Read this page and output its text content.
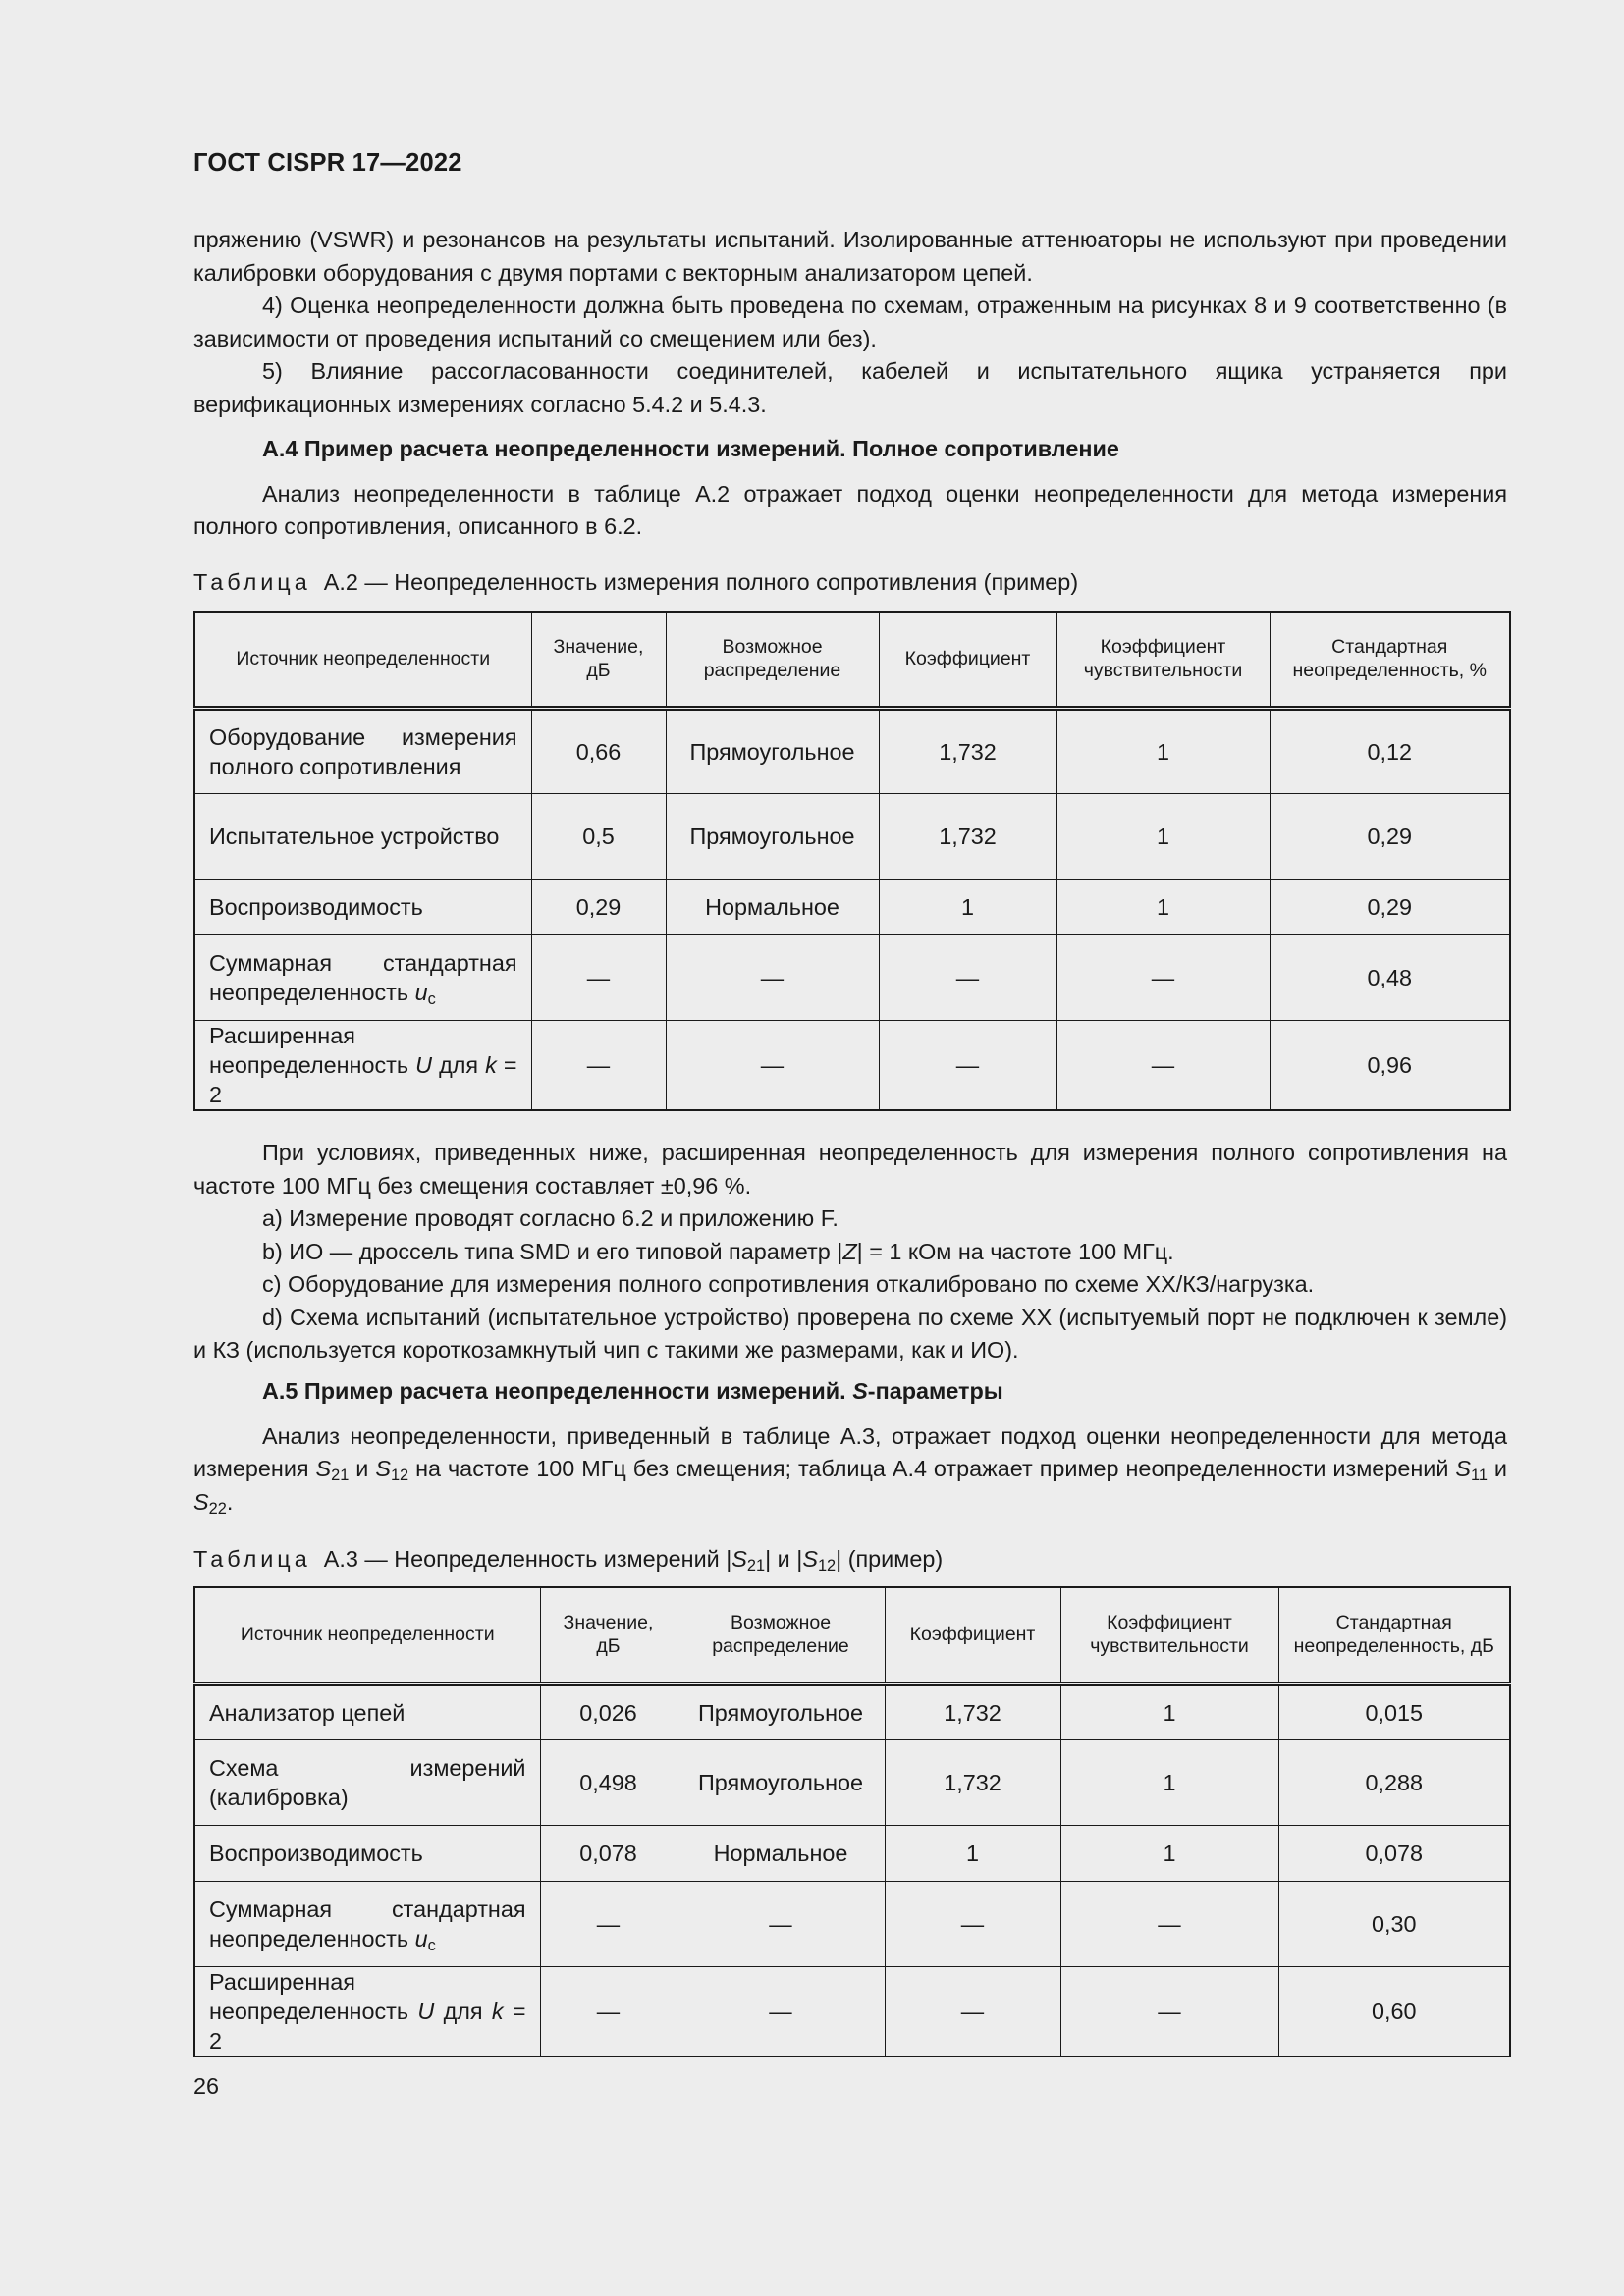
ГОСТ CISPR 17—2022

пряжению (VSWR) и резонансов на результаты испытаний. Изолированные аттенюаторы не используют при проведении калибровки оборудования с двумя портами с векторным анализатором цепей.

4) Оценка неопределенности должна быть проведена по схемам, отраженным на рисунках 8 и 9 соответственно (в зависимости от проведения испытаний со смещением или без).

5) Влияние рассогласованности соединителей, кабелей и испытательного ящика устраняется при верификационных измерениях согласно 5.4.2 и 5.4.3.

А.4 Пример расчета неопределенности измерений. Полное сопротивление

Анализ неопределенности в таблице А.2 отражает подход оценки неопределенности для метода измерения полного сопротивления, описанного в 6.2.

Таблица А.2 — Неопределенность измерения полного сопротивления (пример)
Источник неопределенности	Значение, дБ	Возможное распределение	Коэффициент	Коэффициент чувствительности	Стандартная неопределенность, %
Оборудование измерения полного сопротивления	0,66	Прямоугольное	1,732	1	0,12
Испытательное устройство	0,5	Прямоугольное	1,732	1	0,29
Воспроизводимость	0,29	Нормальное	1	1	0,29
Суммарная стандартная неопределенность $u_c$	—	—	—	—	0,48
Расширенная неопределенность U для k = 2	—	—	—	—	0,96

При условиях, приведенных ниже, расширенная неопределенность для измерения полного сопротивления на частоте 100 МГц без смещения составляет ±0,96 %.

a) Измерение проводят согласно 6.2 и приложению F.

b) ИО — дроссель типа SMD и его типовой параметр |Z| = 1 кОм на частоте 100 МГц.

c) Оборудование для измерения полного сопротивления откалибровано по схеме XX/КЗ/нагрузка.

d) Схема испытаний (испытательное устройство) проверена по схеме XX (испытуемый порт не подключен к земле) и КЗ (используется короткозамкнутый чип с такими же размерами, как и ИО).

А.5 Пример расчета неопределенности измерений. S-параметры

Анализ неопределенности, приведенный в таблице А.3, отражает подход оценки неопределенности для метода измерения $S_{21}$ и $S_{12}$ на частоте 100 МГц без смещения; таблица А.4 отражает пример неопределенности измерений $S_{11}$ и $S_{22}$.

Таблица А.3 — Неопределенность измерений $|S_{21}|$ и $|S_{12}|$ (пример)
Источник неопределенности	Значение, дБ	Возможное распределение	Коэффициент	Коэффициент чувствительности	Стандартная неопределенность, дБ
Анализатор цепей	0,026	Прямоугольное	1,732	1	0,015
Схема измерений (калибровка)	0,498	Прямоугольное	1,732	1	0,288
Воспроизводимость	0,078	Нормальное	1	1	0,078
Суммарная стандартная неопределенность $u_c$	—	—	—	—	0,30
Расширенная неопределенность U для k = 2	—	—	—	—	0,60
26
